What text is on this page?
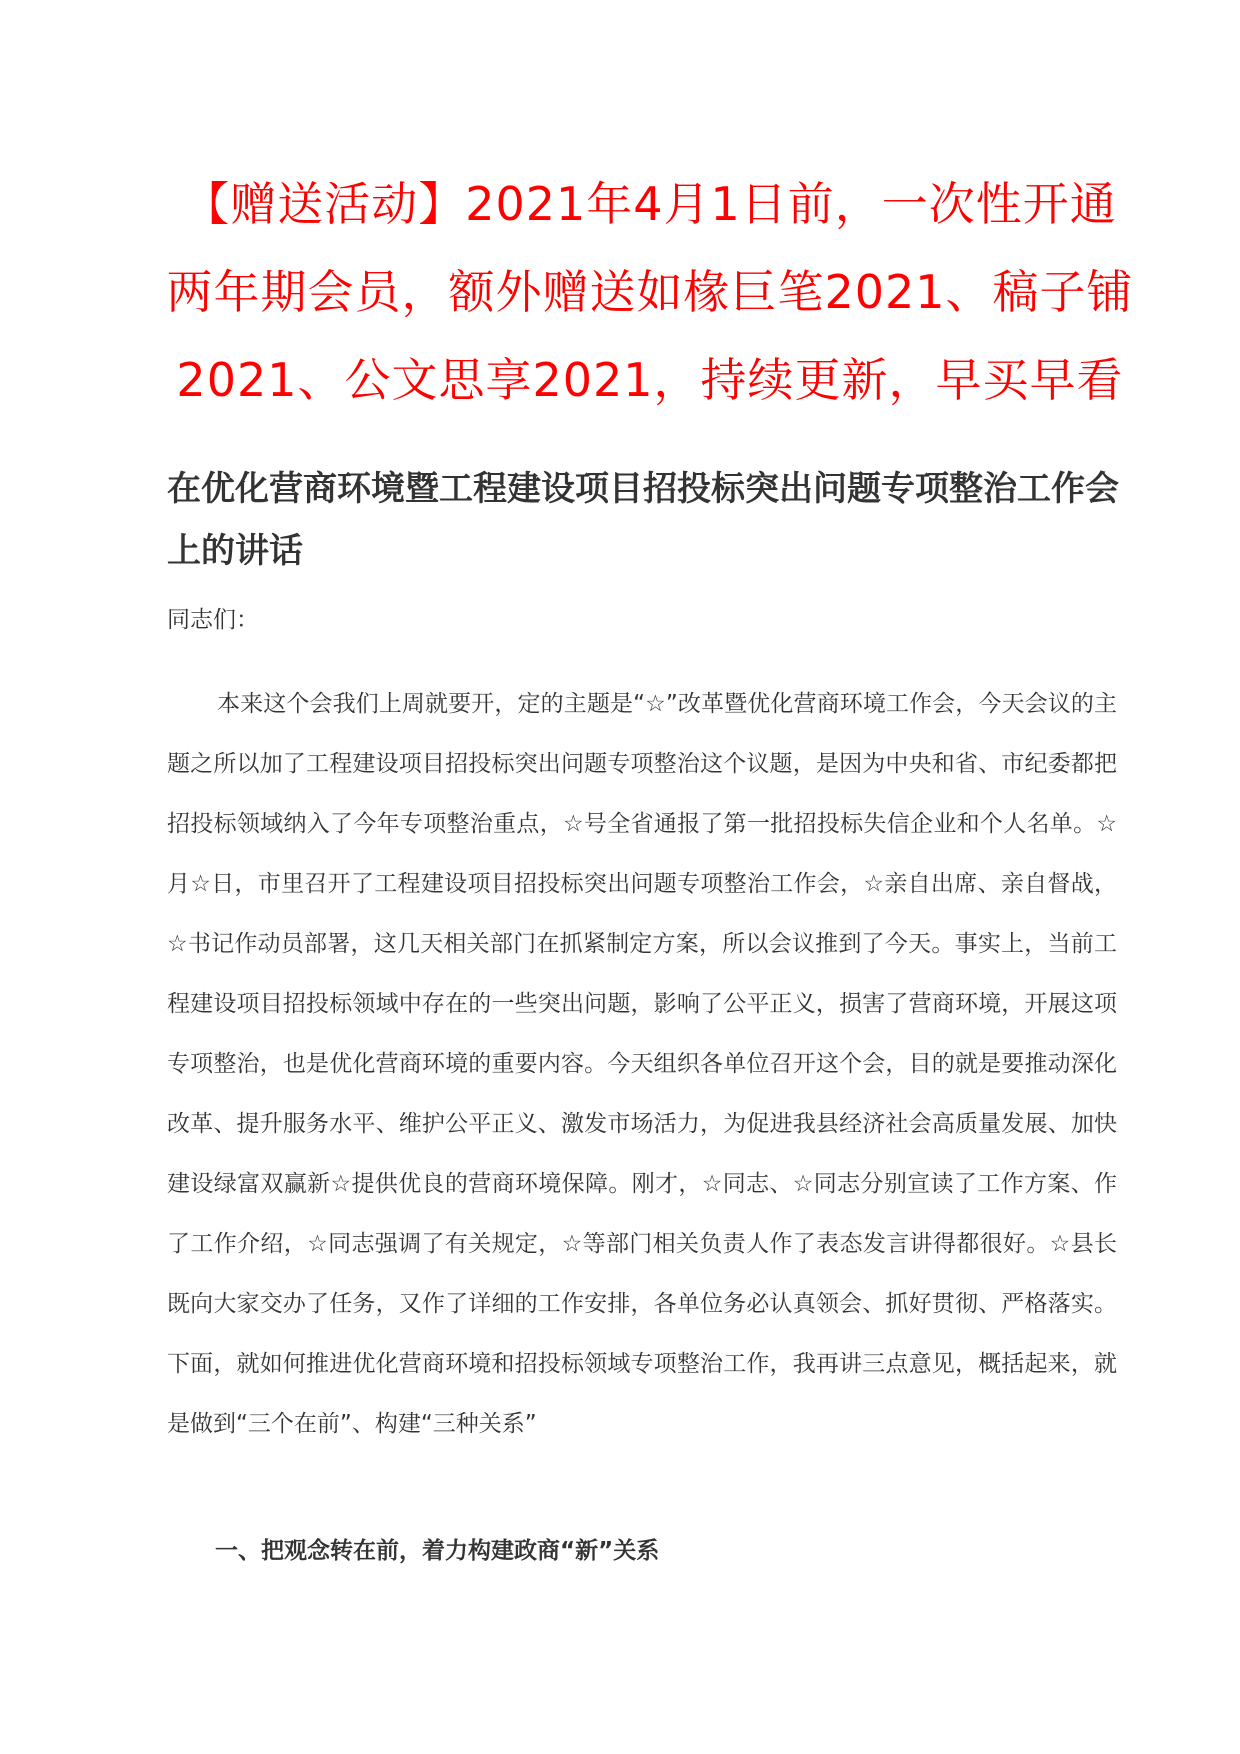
【赠送活动】2021年4月1日前，一次性开通两年期会员，额外赠送如椽巨笔2021、稿子铺2021、公文思享2021，持续更新，早买早看

在优化营商环境暨工程建设项目招投标突出问题专项整治工作会上的讲话

同志们：

本来这个会我们上周就要开，定的主题是“☆”改革暨优化营商环境工作会，今天会议的主题之所以加了工程建设项目招投标突出问题专项整治这个议题，是因为中央和省、市纪委都把招投标领域纳入了今年专项整治重点，☆号全省通报了第一批招投标失信企业和个人名单。☆月☆日，市里召开了工程建设项目招投标突出问题专项整治工作会，☆亲自出席、亲自督战，☆书记作动员部署，这几天相关部门在抓紧制定方案，所以会议推到了今天。事实上，当前工程建设项目招投标领域中存在的一些突出问题，影响了公平正义，损害了营商环境，开展这项专项整治，也是优化营商环境的重要内容。今天组织各单位召开这个会，目的就是要推动深化改革、提升服务水平、维护公平正义、激发市场活力，为促进我县经济社会高质量发展、加快建设绿富双赢新☆提供优良的营商环境保障。刚才，☆同志、☆同志分别宣读了工作方案、作了工作介绍，☆同志强调了有关规定，☆等部门相关负责人作了表态发言讲得都很好。☆县长既向大家交办了任务，又作了详细的工作安排，各单位务必认真领会、抓好贯彻、严格落实。下面，就如何推进优化营商环境和招投标领域专项整治工作，我再讲三点意见，概括起来，就是做到“三个在前”、构建“三种关系”

一、把观念转在前，着力构建政商“新”关系
